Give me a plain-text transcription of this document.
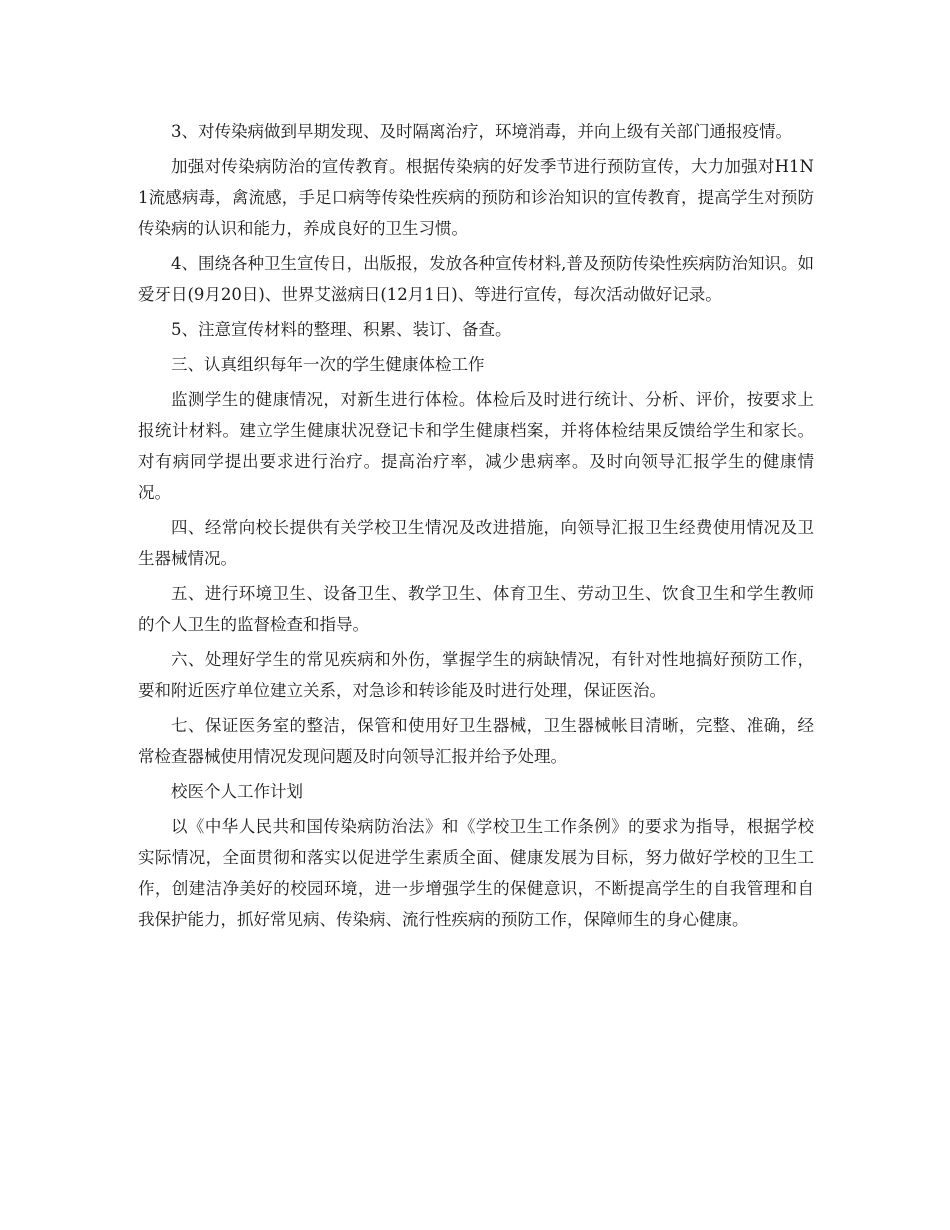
3、对传染病做到早期发现、及时隔离治疗，环境消毒，并向上级有关部门通报疫情。

加强对传染病防治的宣传教育。根据传染病的好发季节进行预防宣传，大力加强对H1N1流感病毒，禽流感，手足口病等传染性疾病的预防和诊治知识的宣传教育，提高学生对预防传染病的认识和能力，养成良好的卫生习惯。

4、围绕各种卫生宣传日，出版报，发放各种宣传材料,普及预防传染性疾病防治知识。如爱牙日(9月20日)、世界艾滋病日(12月1日)、等进行宣传，每次活动做好记录。

5、注意宣传材料的整理、积累、装订、备查。

三、认真组织每年一次的学生健康体检工作

监测学生的健康情况，对新生进行体检。体检后及时进行统计、分析、评价，按要求上报统计材料。建立学生健康状况登记卡和学生健康档案，并将体检结果反馈给学生和家长。对有病同学提出要求进行治疗。提高治疗率，减少患病率。及时向领导汇报学生的健康情况。

四、经常向校长提供有关学校卫生情况及改进措施，向领导汇报卫生经费使用情况及卫生器械情况。

五、进行环境卫生、设备卫生、教学卫生、体育卫生、劳动卫生、饮食卫生和学生教师的个人卫生的监督检查和指导。

六、处理好学生的常见疾病和外伤，掌握学生的病缺情况，有针对性地搞好预防工作，要和附近医疗单位建立关系，对急诊和转诊能及时进行处理，保证医治。

七、保证医务室的整洁，保管和使用好卫生器械，卫生器械帐目清晰，完整、准确，经常检查器械使用情况发现问题及时向领导汇报并给予处理。

校医个人工作计划

以《中华人民共和国传染病防治法》和《学校卫生工作条例》的要求为指导，根据学校实际情况，全面贯彻和落实以促进学生素质全面、健康发展为目标，努力做好学校的卫生工作，创建洁净美好的校园环境，进一步增强学生的保健意识，不断提高学生的自我管理和自我保护能力，抓好常见病、传染病、流行性疾病的预防工作，保障师生的身心健康。
